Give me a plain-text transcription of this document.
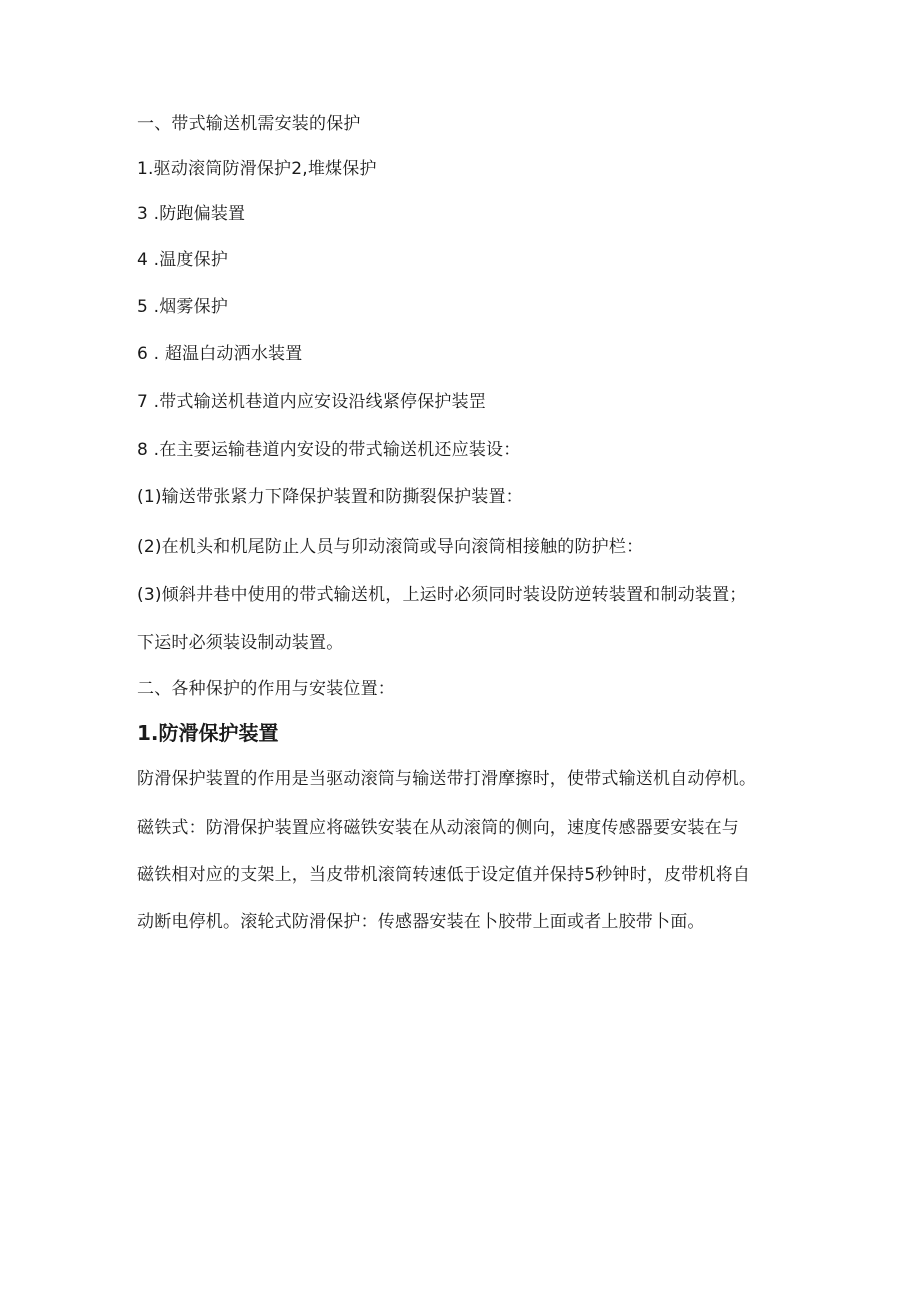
一、带式输送机需安装的保护
1.驱动滚筒防滑保护2,堆煤保护
3 .防跑偏装置
4 .温度保护
5 .烟雾保护
6 . 超温白动洒水装置
7 .带式输送机巷道内应安设沿线紧停保护装罡
8 .在主要运输巷道内安设的带式输送机还应装设：
(1)输送带张紧力下降保护装置和防撕裂保护装置：
(2)在机头和机尾防止人员与卯动滚筒或导向滚筒相接触的防护栏：
(3)倾斜井巷中使用的带式输送机，上运时必须同时装设防逆转装置和制动装置；
下运时必须装设制动装置。
二、各种保护的作用与安装位置：
1.防滑保护装置
防滑保护装置的作用是当驱动滚筒与输送带打滑摩擦时，使带式输送机自动停机。
磁铁式：防滑保护装置应将磁铁安装在从动滚筒的侧向，速度传感器要安装在与
磁铁相对应的支架上，当皮带机滚筒转速低于设定值并保持5秒钟时，皮带机将自
动断电停机。滚轮式防滑保护：传感器安装在卜胶带上面或者上胶带卜面。
